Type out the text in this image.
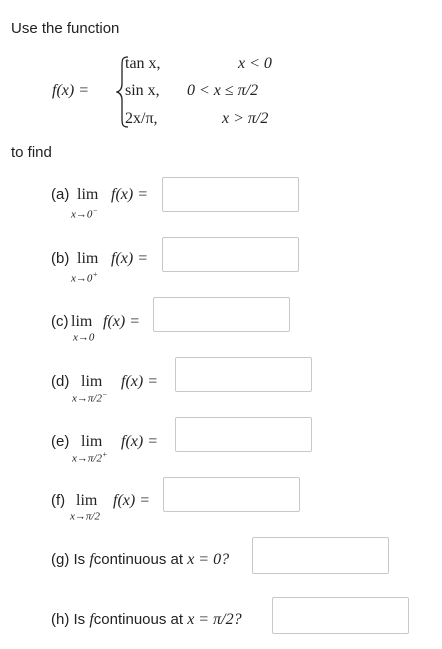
Use the function
f(x) =
tan x,	x < 0
sin x, 0 < x ≤ π/2
2x/π,	x > π/2
to find
(a) lim
x→0−
f(x) =
(b) lim
x→0+
f(x) =
(c) lim
x→0
f(x) =
(d) lim
x→π/2−
f(x) =
(e) lim
x→π/2+
f(x) =
(f) lim
x→π/2
f(x) =
(g) Is fcontinuous at x = 0?
(h) Is fcontinuous at x = π/2?
